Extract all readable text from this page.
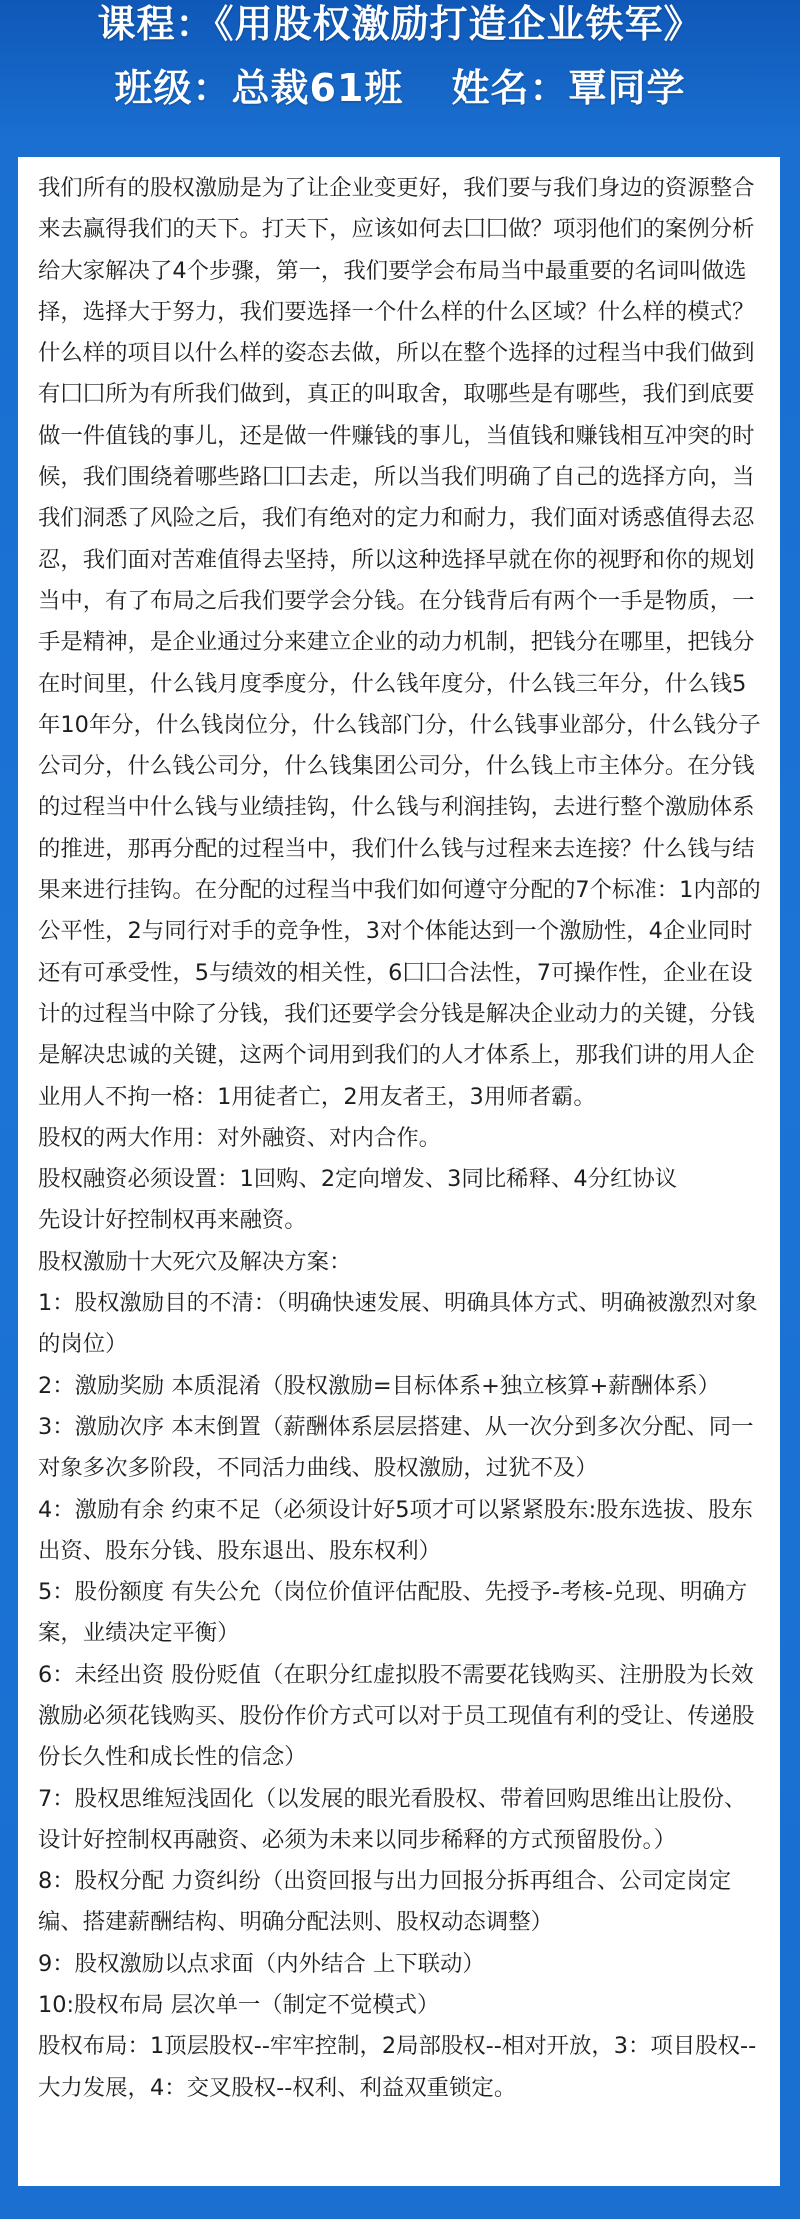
课程：《用股权激励打造企业铁军》
班级：总裁61班 姓名：覃同学
我们所有的股权激励是为了让企业变更好，我们要与我们身边的资源整合来去赢得我们的天下。打天下，应该如何去囗囗做？项羽他们的案例分析给大家解决了4个步骤，第一，我们要学会布局当中最重要的名词叫做选择，选择大于努力，我们要选择一个什么样的什么区域？什么样的模式？什么样的项目以什么样的姿态去做，所以在整个选择的过程当中我们做到有囗囗所为有所我们做到，真正的叫取舍，取哪些是有哪些，我们到底要做一件值钱的事儿，还是做一件赚钱的事儿，当值钱和赚钱相互冲突的时候，我们围绕着哪些路囗囗去走，所以当我们明确了自己的选择方向，当我们洞悉了风险之后，我们有绝对的定力和耐力，我们面对诱惑值得去忍忍，我们面对苦难值得去坚持，所以这种选择早就在你的视野和你的规划当中，有了布局之后我们要学会分钱。在分钱背后有两个一手是物质，一手是精神，是企业通过分来建立企业的动力机制，把钱分在哪里，把钱分在时间里，什么钱月度季度分，什么钱年度分，什么钱三年分，什么钱5年10年分，什么钱岗位分，什么钱部门分，什么钱事业部分，什么钱分子公司分，什么钱公司分，什么钱集团公司分，什么钱上市主体分。在分钱的过程当中什么钱与业绩挂钩，什么钱与利润挂钩，去进行整个激励体系的推进，那再分配的过程当中，我们什么钱与过程来去连接？什么钱与结果来进行挂钩。在分配的过程当中我们如何遵守分配的7个标准：1内部的公平性，2与同行对手的竞争性，3对个体能达到一个激励性，4企业同时还有可承受性，5与绩效的相关性，6囗囗合法性，7可操作性，企业在设计的过程当中除了分钱，我们还要学会分钱是解决企业动力的关键，分钱是解决忠诚的关键，这两个词用到我们的人才体系上，那我们讲的用人企业用人不拘一格：1用徒者亡，2用友者王，3用师者霸。
股权的两大作用：对外融资、对内合作。
股权融资必须设置：1回购、2定向增发、3同比稀释、4分红协议
先设计好控制权再来融资。
股权激励十大死穴及解决方案：
1：股权激励目的不清：（明确快速发展、明确具体方式、明确被激烈对象的岗位）
2：激励奖励 本质混淆（股权激励=目标体系+独立核算+薪酬体系）
3：激励次序 本末倒置（薪酬体系层层搭建、从一次分到多次分配、同一对象多次多阶段，不同活力曲线、股权激励，过犹不及）
4：激励有余 约束不足（必须设计好5项才可以紧紧股东:股东选拔、股东出资、股东分钱、股东退出、股东权利）
5：股份额度 有失公允（岗位价值评估配股、先授予-考核-兑现、明确方案，业绩决定平衡）
6：未经出资 股份贬值（在职分红虚拟股不需要花钱购买、注册股为长效激励必须花钱购买、股份作价方式可以对于员工现值有利的受让、传递股份长久性和成长性的信念）
7：股权思维短浅固化（以发展的眼光看股权、带着回购思维出让股份、设计好控制权再融资、必须为未来以同步稀释的方式预留股份。）
8：股权分配 力资纠纷（出资回报与出力回报分拆再组合、公司定岗定编、搭建薪酬结构、明确分配法则、股权动态调整）
9：股权激励以点求面（内外结合 上下联动）
10:股权布局 层次单一（制定不觉模式）
股权布局：1顶层股权--牢牢控制，2局部股权--相对开放，3：项目股权--大力发展，4：交叉股权--权利、利益双重锁定。
